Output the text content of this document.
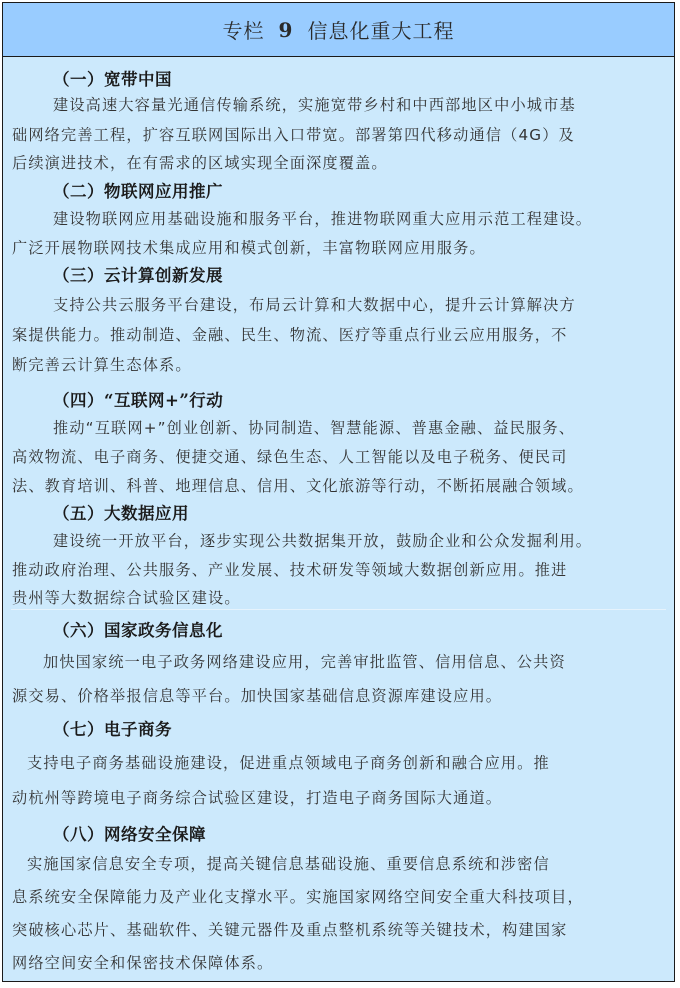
专栏 9 信息化重大工程
（一）宽带中国
建设高速大容量光通信传输系统，实施宽带乡村和中西部地区中小城市基
础网络完善工程，扩容互联网国际出入口带宽。部署第四代移动通信（4G）及
后续演进技术，在有需求的区域实现全面深度覆盖。
（二）物联网应用推广
建设物联网应用基础设施和服务平台，推进物联网重大应用示范工程建设。
广泛开展物联网技术集成应用和模式创新，丰富物联网应用服务。
（三）云计算创新发展
支持公共云服务平台建设，布局云计算和大数据中心，提升云计算解决方
案提供能力。推动制造、金融、民生、物流、医疗等重点行业云应用服务，不
断完善云计算生态体系。
（四）“互联网+”行动
推动“互联网+”创业创新、协同制造、智慧能源、普惠金融、益民服务、
高效物流、电子商务、便捷交通、绿色生态、人工智能以及电子税务、便民司
法、教育培训、科普、地理信息、信用、文化旅游等行动，不断拓展融合领域。
（五）大数据应用
建设统一开放平台，逐步实现公共数据集开放，鼓励企业和公众发掘利用。
推动政府治理、公共服务、产业发展、技术研发等领域大数据创新应用。推进
贵州等大数据综合试验区建设。
（六）国家政务信息化
加快国家统一电子政务网络建设应用，完善审批监管、信用信息、公共资
源交易、价格举报信息等平台。加快国家基础信息资源库建设应用。
（七）电子商务
支持电子商务基础设施建设，促进重点领域电子商务创新和融合应用。推
动杭州等跨境电子商务综合试验区建设，打造电子商务国际大通道。
（八）网络安全保障
实施国家信息安全专项，提高关键信息基础设施、重要信息系统和涉密信
息系统安全保障能力及产业化支撑水平。实施国家网络空间安全重大科技项目，
突破核心芯片、基础软件、关键元器件及重点整机系统等关键技术，构建国家
网络空间安全和保密技术保障体系。
